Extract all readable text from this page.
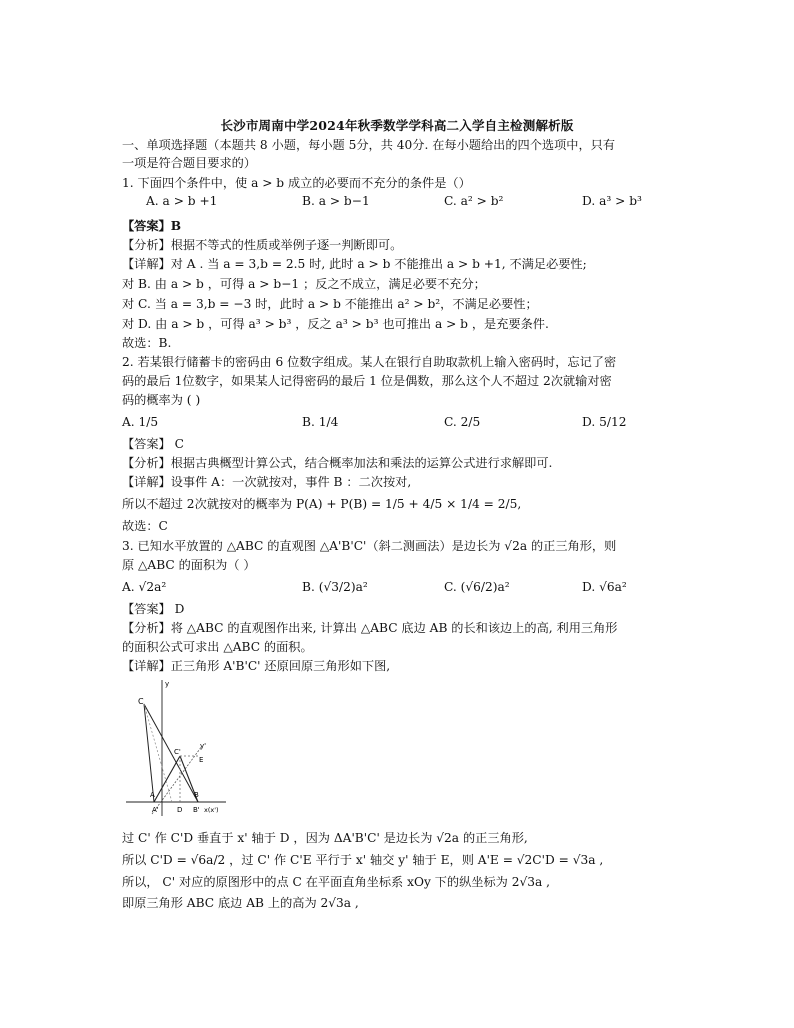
长沙市周南中学2024年秋季数学学科高二入学自主检测解析版
一、单项选择题（本题共 8 小题，每小题 5分，共 40分. 在每小题给出的四个选项中，只有
一项是符合题目要求的）
1. 下面四个条件中，使 a > b 成立的必要而不充分的条件是（）
A. a > b +1	B. a > b−1	C. a² > b²	D. a³ > b³
【答案】B
【分析】根据不等式的性质或举例子逐一判断即可。
【详解】对 A . 当 a = 3,b = 2.5 时, 此时 a > b 不能推出 a > b +1, 不满足必要性;
对 B. 由 a > b ，可得 a > b−1 ；反之不成立，满足必要不充分；
对 C. 当 a = 3,b = −3 时，此时 a > b 不能推出 a² > b²，不满足必要性；
对 D. 由 a > b ，可得 a³ > b³ ，反之 a³ > b³ 也可推出 a > b ，是充要条件.
故选：B.
2. 若某银行储蓄卡的密码由 6 位数字组成。某人在银行自助取款机上输入密码时，忘记了密
码的最后 1位数字，如果某人记得密码的最后 1 位是偶数，那么这个人不超过 2次就输对密
码的概率为 ( )
A. 1/5	B. 1/4	C. 2/5	D. 5/12
【答案】 C
【分析】根据古典概型计算公式，结合概率加法和乘法的运算公式进行求解即可.
【详解】设事件 A：一次就按对，事件 B ：二次按对,
所以不超过 2次就按对的概率为 P(A) + P(B) = 1/5 + 4/5 × 1/4 = 2/5,
故选：C
3. 已知水平放置的 △ABC 的直观图 △A'B'C'（斜二测画法）是边长为 √2a 的正三角形，则
原 △ABC 的面积为（ ）
A. √2a²	B. (√3/2)a²	C. (√6/2)a²	D. √6a²
【答案】 D
【分析】将 △ABC 的直观图作出来, 计算出 △ABC 底边 AB 的长和该边上的高, 利用三角形
的面积公式可求出 △ABC 的面积。
【详解】正三角形 A'B'C' 还原回原三角形如下图,
C
y
y'
C'
E
A
A'	D
B
B' x(x')
过 C' 作 C'D 垂直于 x' 轴于 D ，因为 ΔA'B'C' 是边长为 √2a 的正三角形,
所以 C'D = √6a/2 ，过 C' 作 C'E 平行于 x' 轴交 y' 轴于 E，则 A'E = √2C'D = √3a ,
所以， C' 对应的原图形中的点 C 在平面直角坐标系 xOy 下的纵坐标为 2√3a ,
即原三角形 ABC 底边 AB 上的高为 2√3a ,
